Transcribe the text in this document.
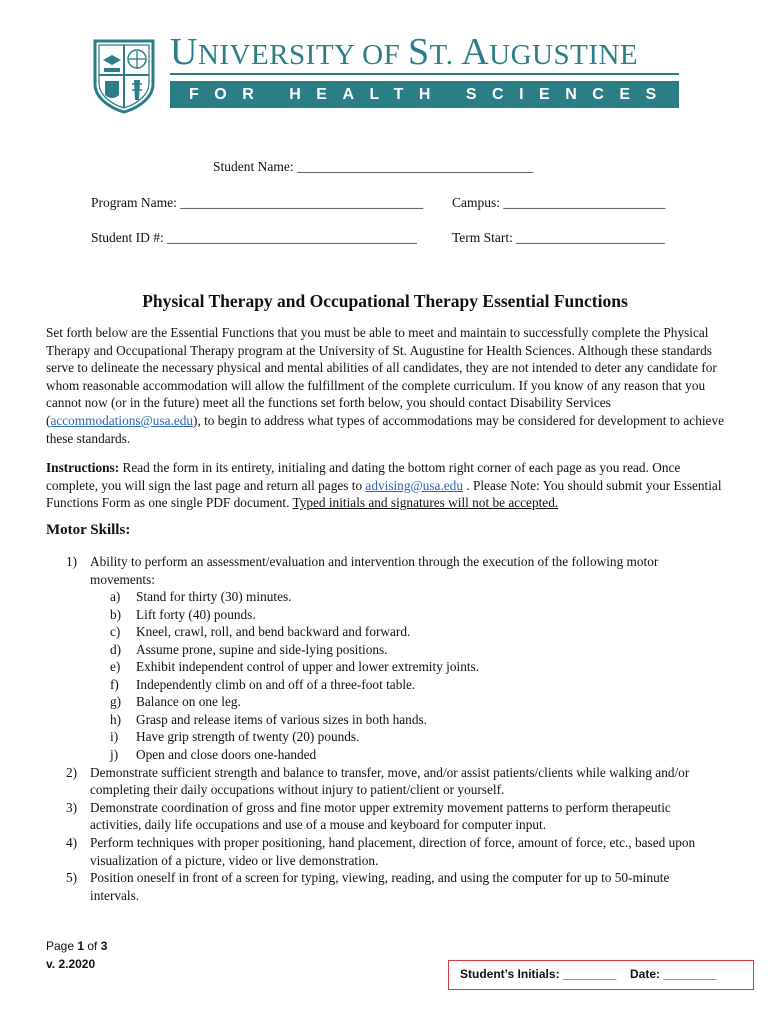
UNIVERSITY OF ST. AUGUSTINE
FOR HEALTH SCIENCES
Student Name: ___________________________________
Program Name: ____________________________________ Campus: ________________________
Student ID #: _____________________________________	Term Start: ______________________
Physical Therapy and Occupational Therapy Essential Functions
Set forth below are the Essential Functions that you must be able to meet and maintain to successfully complete the Physical Therapy and Occupational Therapy program at the University of St. Augustine for Health Sciences. Although these standards serve to delineate the necessary physical and mental abilities of all candidates, they are not intended to deter any candidate for whom reasonable accommodation will allow the fulfillment of the complete curriculum. If you know of any reason that you cannot now (or in the future) meet all the functions set forth below, you should contact Disability Services (accommodations@usa.edu), to begin to address what types of accommodations may be considered for development to achieve these standards.
Instructions: Read the form in its entirety, initialing and dating the bottom right corner of each page as you read. Once complete, you will sign the last page and return all pages to advising@usa.edu . Please Note: You should submit your Essential Functions Form as one single PDF document. Typed initials and signatures will not be accepted.
Motor Skills:
1) Ability to perform an assessment/evaluation and intervention through the execution of the following motor
movements:
a) Stand for thirty (30) minutes.
b) Lift forty (40) pounds.
c) Kneel, crawl, roll, and bend backward and forward.
d) Assume prone, supine and side-lying positions.
e) Exhibit independent control of upper and lower extremity joints.
f) Independently climb on and off of a three-foot table.
g) Balance on one leg.
h) Grasp and release items of various sizes in both hands.
i) Have grip strength of twenty (20) pounds.
j) Open and close doors one-handed
2) Demonstrate sufficient strength and balance to transfer, move, and/or assist patients/clients while walking and/or
completing their daily occupations without injury to patient/client or yourself.
3) Demonstrate coordination of gross and fine motor upper extremity movement patterns to perform therapeutic
activities, daily life occupations and use of a mouse and keyboard for computer input.
4) Perform techniques with proper positioning, hand placement, direction of force, amount of force, etc., based upon
visualization of a picture, video or live demonstration.
5) Position oneself in front of a screen for typing, viewing, reading, and using the computer for up to 50-minute
intervals.
Page 1 of 3
v. 2.2020
Student’s Initials: ________ Date: ________
